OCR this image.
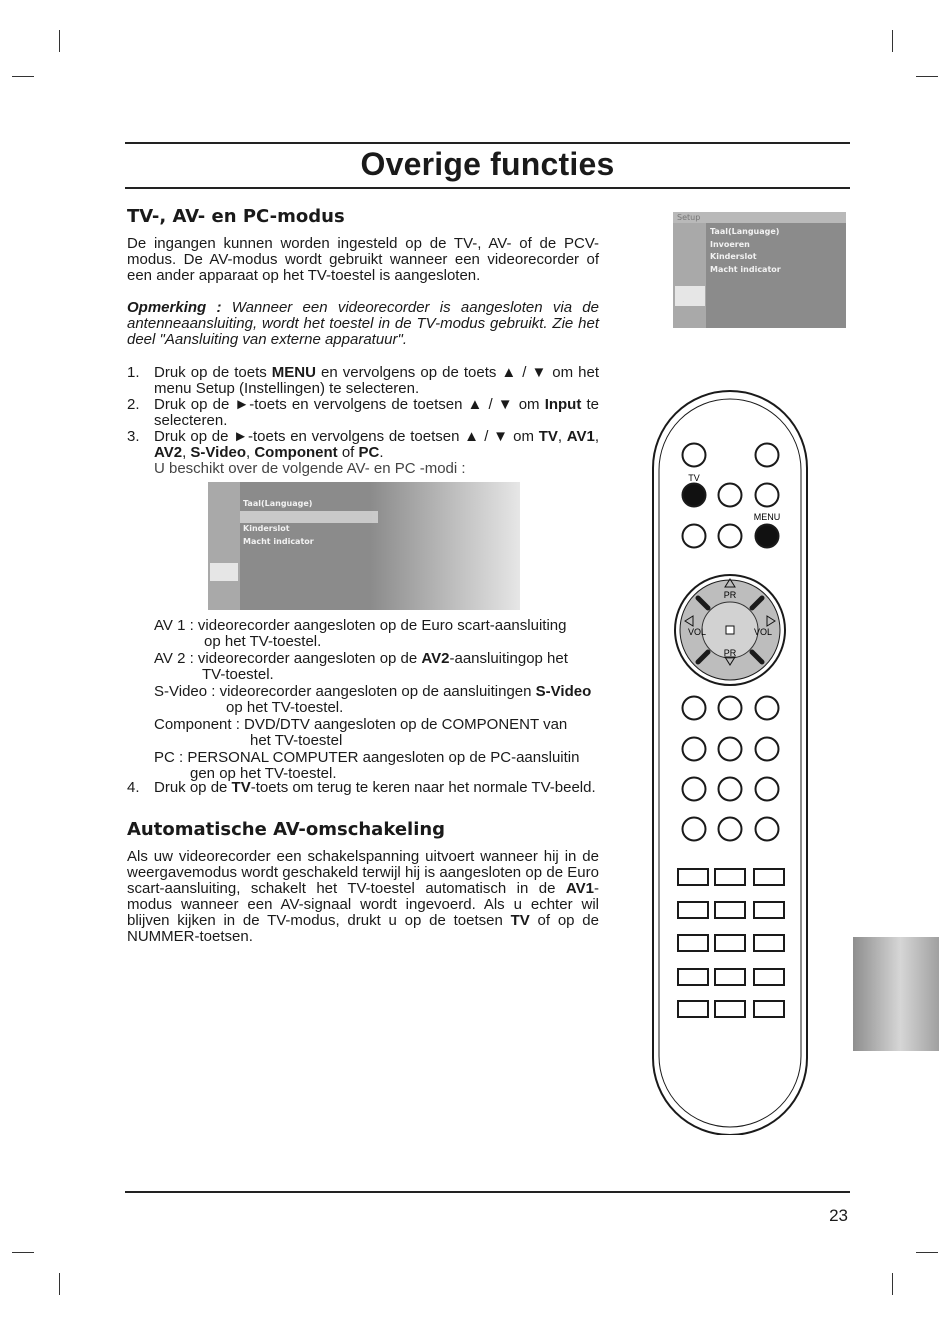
Overige functies
TV-, AV- en PC-modus

De ingangen kunnen worden ingesteld op de TV-, AV- of de PCV-modus. De AV-modus wordt gebruikt wanneer een videorecorder of een ander apparaat op het TV-toestel is aangesloten.

Opmerking : Wanneer een videorecorder is aangesloten via de antenneaansluiting, wordt het toestel in de TV-modus gebruikt. Zie het deel "Aansluiting van externe apparatuur".

1. Druk op de toets MENU en vervolgens op de toets ▲ / ▼ om het menu Setup (Instellingen) te selecteren.
2. Druk op de ►-toets en vervolgens de toetsen ▲ / ▼ om Input te selecteren.
3. Druk op de ►-toets en vervolgens de toetsen ▲ / ▼ om TV, AV1, AV2, S-Video, Component of PC.
U beschikt over de volgende AV- en PC -modi :
Taal(Language)
Kinderslot
Macht indicator

AV 1 : videorecorder aangesloten op de Euro scart-aansluiting
op het TV-toestel.

AV 2 : videorecorder aangesloten op de AV2-aansluitingop het
TV-toestel.

S-Video : videorecorder aangesloten op de aansluitingen S-Video
op het TV-toestel.

Component : DVD/DTV aangesloten op de COMPONENT van
het TV-toestel

PC : PERSONAL COMPUTER aangesloten op de PC-aansluitin
gen op het TV-toestel.

4. Druk op de TV-toets om terug te keren naar het normale TV-beeld.
Automatische AV-omschakeling

Als uw videorecorder een schakelspanning uitvoert wanneer hij in de weergavemodus wordt geschakeld terwijl hij is aangesloten op de Euro scart-aansluiting, schakelt het TV-toestel automatisch in de AV1-modus wanneer een AV-signaal wordt ingevoerd. Als u echter wil blijven kijken in de TV-modus, drukt u op de toetsen TV of op de NUMMER-toetsen.

Setup
Taal(Language)
Invoeren
Kinderslot
Macht indicator
TV
MENU
PR
PR
VOL	VOL
23
